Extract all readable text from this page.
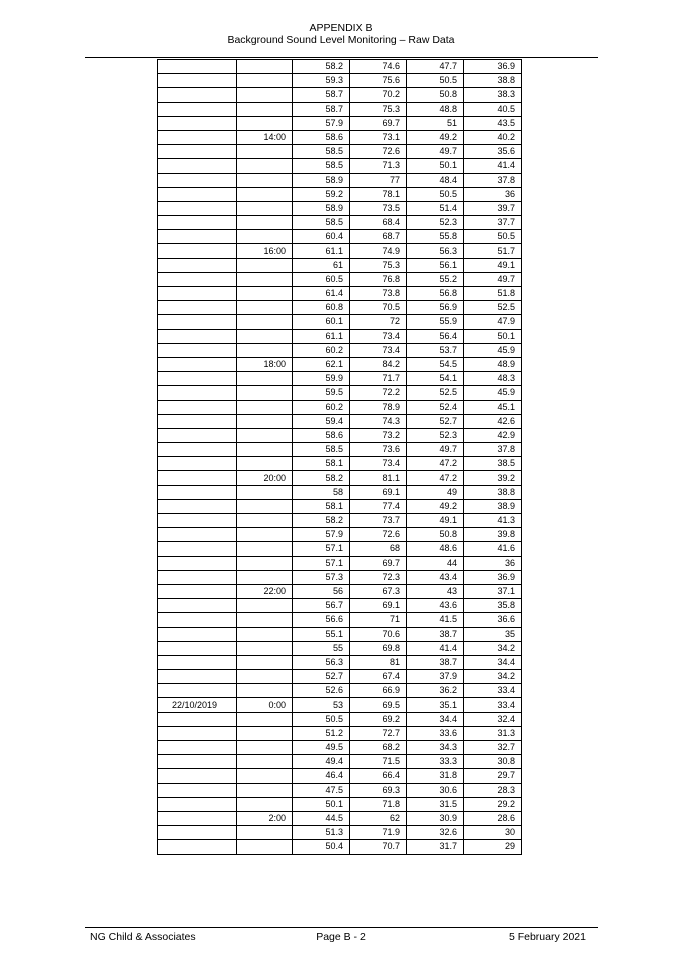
APPENDIX B
Background Sound Level Monitoring – Raw Data
		58.2	74.6	47.7	36.9
		59.3	75.6	50.5	38.8
		58.7	70.2	50.8	38.3
		58.7	75.3	48.8	40.5
		57.9	69.7	51	43.5
	14:00	58.6	73.1	49.2	40.2
		58.5	72.6	49.7	35.6
		58.5	71.3	50.1	41.4
		58.9	77	48.4	37.8
		59.2	78.1	50.5	36
		58.9	73.5	51.4	39.7
		58.5	68.4	52.3	37.7
		60.4	68.7	55.8	50.5
	16:00	61.1	74.9	56.3	51.7
		61	75.3	56.1	49.1
		60.5	76.8	55.2	49.7
		61.4	73.8	56.8	51.8
		60.8	70.5	56.9	52.5
		60.1	72	55.9	47.9
		61.1	73.4	56.4	50.1
		60.2	73.4	53.7	45.9
	18:00	62.1	84.2	54.5	48.9
		59.9	71.7	54.1	48.3
		59.5	72.2	52.5	45.9
		60.2	78.9	52.4	45.1
		59.4	74.3	52.7	42.6
		58.6	73.2	52.3	42.9
		58.5	73.6	49.7	37.8
		58.1	73.4	47.2	38.5
	20:00	58.2	81.1	47.2	39.2
		58	69.1	49	38.8
		58.1	77.4	49.2	38.9
		58.2	73.7	49.1	41.3
		57.9	72.6	50.8	39.8
		57.1	68	48.6	41.6
		57.1	69.7	44	36
		57.3	72.3	43.4	36.9
	22:00	56	67.3	43	37.1
		56.7	69.1	43.6	35.8
		56.6	71	41.5	36.6
		55.1	70.6	38.7	35
		55	69.8	41.4	34.2
		56.3	81	38.7	34.4
		52.7	67.4	37.9	34.2
		52.6	66.9	36.2	33.4
22/10/2019	0:00	53	69.5	35.1	33.4
		50.5	69.2	34.4	32.4
		51.2	72.7	33.6	31.3
		49.5	68.2	34.3	32.7
		49.4	71.5	33.3	30.8
		46.4	66.4	31.8	29.7
		47.5	69.3	30.6	28.3
		50.1	71.8	31.5	29.2
	2:00	44.5	62	30.9	28.6
		51.3	71.9	32.6	30
		50.4	70.7	31.7	29
NG Child & Associates	Page B - 2	5 February 2021
